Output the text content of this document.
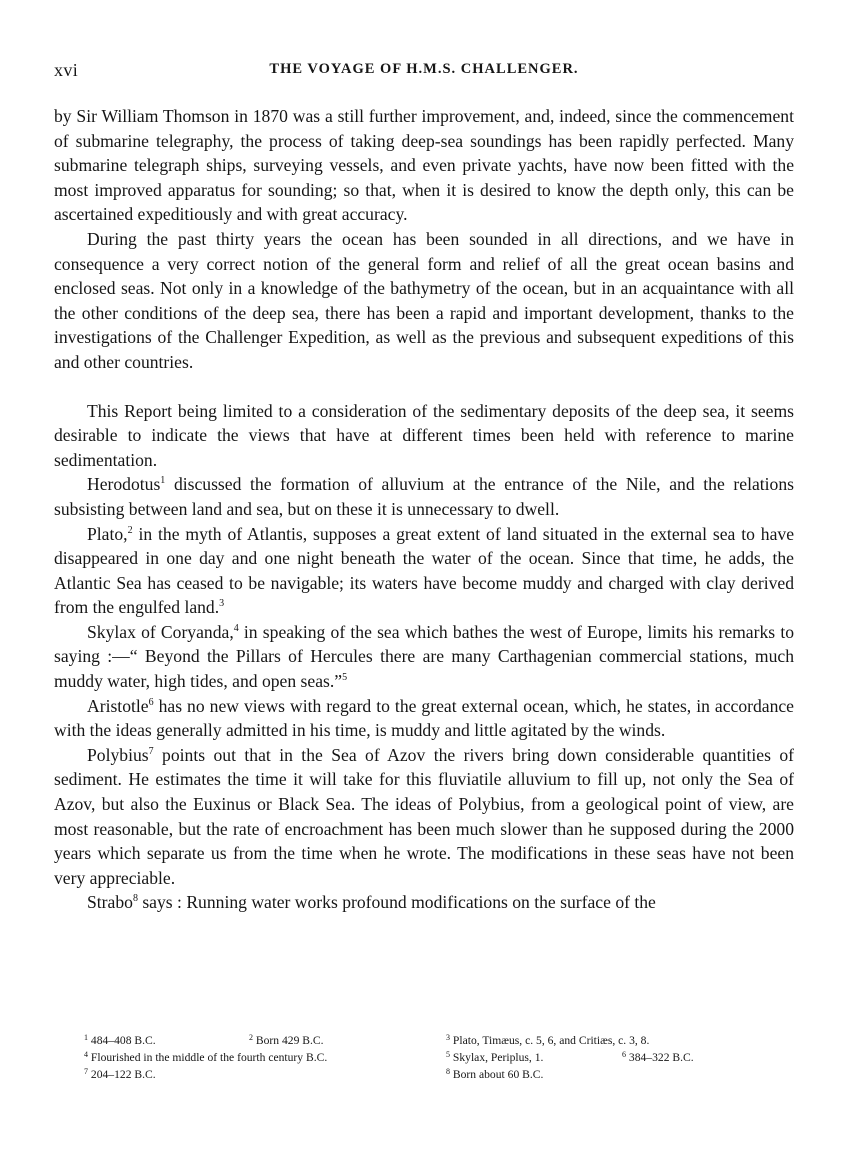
xvi	THE VOYAGE OF H.M.S. CHALLENGER.

by Sir William Thomson in 1870 was a still further improvement, and, indeed, since the commencement of submarine telegraphy, the process of taking deep-sea soundings has been rapidly perfected. Many submarine telegraph ships, surveying vessels, and even private yachts, have now been fitted with the most improved apparatus for sounding; so that, when it is desired to know the depth only, this can be ascertained expeditiously and with great accuracy.

During the past thirty years the ocean has been sounded in all directions, and we have in consequence a very correct notion of the general form and relief of all the great ocean basins and enclosed seas. Not only in a knowledge of the bathymetry of the ocean, but in an acquaintance with all the other conditions of the deep sea, there has been a rapid and important development, thanks to the investigations of the Challenger Expedition, as well as the previous and subsequent expeditions of this and other countries.

This Report being limited to a consideration of the sedimentary deposits of the deep sea, it seems desirable to indicate the views that have at different times been held with reference to marine sedimentation.

Herodotus$^1$ discussed the formation of alluvium at the entrance of the Nile, and the relations subsisting between land and sea, but on these it is unnecessary to dwell.

Plato,$^2$ in the myth of Atlantis, supposes a great extent of land situated in the external sea to have disappeared in one day and one night beneath the water of the ocean. Since that time, he adds, the Atlantic Sea has ceased to be navigable; its waters have become muddy and charged with clay derived from the engulfed land.$^3$

Skylax of Coryanda,$^4$ in speaking of the sea which bathes the west of Europe, limits his remarks to saying :—“ Beyond the Pillars of Hercules there are many Carthagenian commercial stations, much muddy water, high tides, and open seas.”$^5$

Aristotle$^6$ has no new views with regard to the great external ocean, which, he states, in accordance with the ideas generally admitted in his time, is muddy and little agitated by the winds.

Polybius$^7$ points out that in the Sea of Azov the rivers bring down considerable quantities of sediment. He estimates the time it will take for this fluviatile alluvium to fill up, not only the Sea of Azov, but also the Euxinus or Black Sea. The ideas of Polybius, from a geological point of view, are most reasonable, but the rate of encroachment has been much slower than he supposed during the 2000 years which separate us from the time when he wrote. The modifications in these seas have not been very appreciable.

Strabo$^8$ says : Running water works profound modifications on the surface of the

$^1$ 484–408 B.C.	$^2$ Born 429 B.C.	$^3$ Plato, Timæus, c. 5, 6, and Critiæs, c. 3, 8.
$^4$ Flourished in the middle of the fourth century B.C.	$^5$ Skylax, Periplus, 1.	$^6$ 384–322 B.C.
$^7$ 204–122 B.C.	$^8$ Born about 60 B.C.
